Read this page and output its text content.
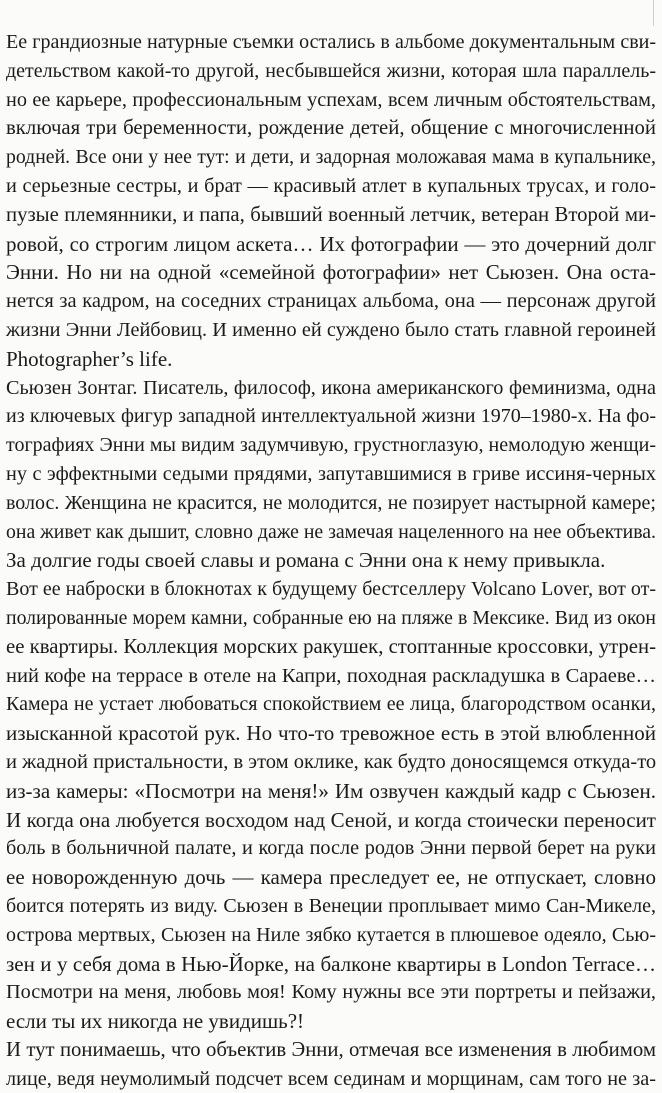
Ее грандиозные натурные съемки остались в альбоме документальным сви-
детельством какой-то другой, несбывшейся жизни, которая шла параллель-
но ее карьере, профессиональным успехам, всем личным обстоятельствам,
включая три беременности, рождение детей, общение с многочисленной
родней. Все они у нее тут: и дети, и задорная моложавая мама в купальнике,
и серьезные сестры, и брат — красивый атлет в купальных трусах, и голо-
пузые племянники, и папа, бывший военный летчик, ветеран Второй ми-
ровой, со строгим лицом аскета… Их фотографии — это дочерний долг
Энни. Но ни на одной «семейной фотографии» нет Сьюзен. Она оста-
нется за кадром, на соседних страницах альбома, она — персонаж другой
жизни Энни Лейбовиц. И именно ей суждено было стать главной героиней
Photographer’s life.
Сьюзен Зонтаг. Писатель, философ, икона американского феминизма, одна
из ключевых фигур западной интеллектуальной жизни 1970–1980-х. На фо-
тографиях Энни мы видим задумчивую, грустноглазую, немолодую женщи-
ну с эффектными седыми прядями, запутавшимися в гриве иссиня-черных
волос. Женщина не красится, не молодится, не позирует настырной камере;
она живет как дышит, словно даже не замечая нацеленного на нее объектива.
За долгие годы своей славы и романа с Энни она к нему привыкла.
Вот ее наброски в блокнотах к будущему бестселлеру Volcano Lover, вот от-
полированные морем камни, собранные ею на пляже в Мексике. Вид из окон
ее квартиры. Коллекция морских ракушек, стоптанные кроссовки, утрен-
ний кофе на террасе в отеле на Капри, походная раскладушка в Сараеве…
Камера не устает любоваться спокойствием ее лица, благородством осанки,
изысканной красотой рук. Но что-то тревожное есть в этой влюбленной
и жадной пристальности, в этом оклике, как будто доносящемся откуда-то
из-за камеры: «Посмотри на меня!» Им озвучен каждый кадр с Сьюзен.
И когда она любуется восходом над Сеной, и когда стоически переносит
боль в больничной палате, и когда после родов Энни первой берет на руки
ее новорожденную дочь — камера преследует ее, не отпускает, словно
боится потерять из виду. Сьюзен в Венеции проплывает мимо Сан-Микеле,
острова мертвых, Сьюзен на Ниле зябко кутается в плюшевое одеяло, Сью-
зен и у себя дома в Нью-Йорке, на балконе квартиры в London Terrace…
Посмотри на меня, любовь моя! Кому нужны все эти портреты и пейзажи,
если ты их никогда не увидишь?!
И тут понимаешь, что объектив Энни, отмечая все изменения в любимом
лице, ведя неумолимый подсчет всем сединам и морщинам, сам того не за-
